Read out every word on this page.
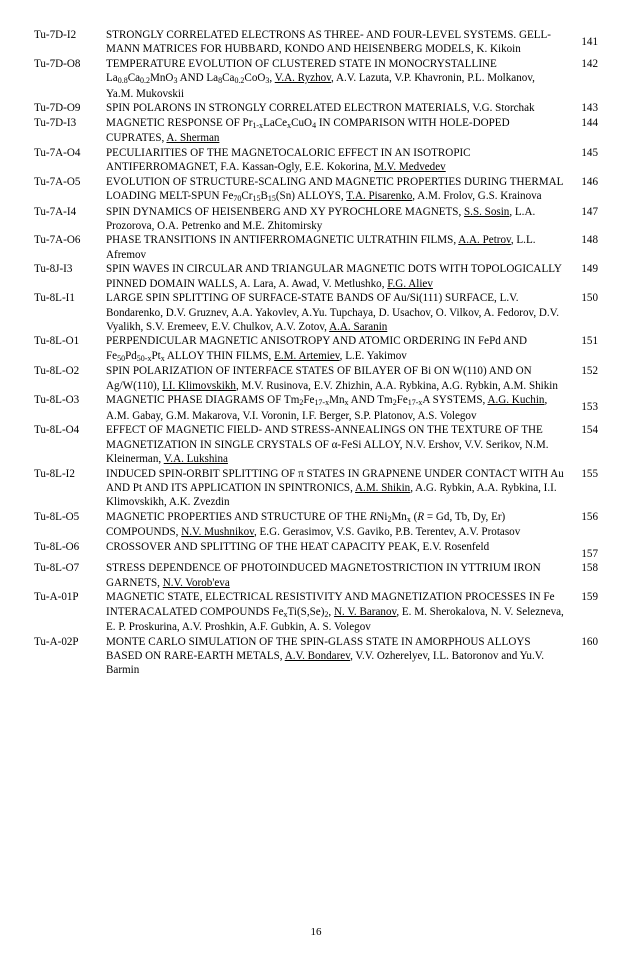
Tu-7D-I2	STRONGLY CORRELATED ELECTRONS AS THREE- AND FOUR-LEVEL SYSTEMS. GELL-MANN MATRICES FOR HUBBARD, KONDO AND HEISENBERG MODELS, K. Kikoin	141
Tu-7D-O8	TEMPERATURE EVOLUTION OF CLUSTERED STATE IN MONOCRYSTALLINE $La_{0.8}Ca_{0.2}MnO_3$ AND $La_8Ca_{0.2}CoO_3$, V.A. Ryzhov, A.V. Lazuta, V.P. Khavronin, P.L. Molkanov, Ya.M. Mukovskii	142
Tu-7D-O9	SPIN POLARONS IN STRONGLY CORRELATED ELECTRON MATERIALS, V.G. Storchak	143
Tu-7D-I3	MAGNETIC RESPONSE OF $Pr_{1-x}LaCe_xCuO_4$ IN COMPARISON WITH HOLE-DOPED CUPRATES, A. Sherman	144
Tu-7A-O4	PECULIARITIES OF THE MAGNETOCALORIC EFFECT IN AN ISOTROPIC ANTIFERROMAGNET, F.A. Kassan-Ogly, E.E. Kokorina, M.V. Medvedev	145
Tu-7A-O5	EVOLUTION OF STRUCTURE-SCALING AND MAGNETIC PROPERTIES DURING THERMAL LOADING MELT-SPUN $Fe_{70}Cr_{15}B_{15}(Sn)$ ALLOYS, T.A. Pisarenko, A.M. Frolov, G.S. Krainova	146
Tu-7A-I4	SPIN DYNAMICS OF HEISENBERG AND XY PYROCHLORE MAGNETS, S.S. Sosin, L.A. Prozorova, O.A. Petrenko and M.E. Zhitomirsky	147
Tu-7A-O6	PHASE TRANSITIONS IN ANTIFERROMAGNETIC ULTRATHIN FILMS, A.A. Petrov, L.L. Afremov	148
Tu-8J-I3	SPIN WAVES IN CIRCULAR AND TRIANGULAR MAGNETIC DOTS WITH TOPOLOGICALLY PINNED DOMAIN WALLS, A. Lara, A. Awad, V. Metlushko, F.G. Aliev	149
Tu-8L-I1	LARGE SPIN SPLITTING OF SURFACE-STATE BANDS OF Au/Si(111) SURFACE, L.V. Bondarenko, D.V. Gruznev, A.A. Yakovlev, A.Yu. Tupchaya, D. Usachov, O. Vilkov, A. Fedorov, D.V. Vyalikh, S.V. Eremeev, E.V. Chulkov, A.V. Zotov, A.A. Saranin	150
Tu-8L-O1	PERPENDICULAR MAGNETIC ANISOTROPY AND ATOMIC ORDERING IN FePd AND $Fe_{50}Pd_{50-x}Pt_x$ ALLOY THIN FILMS, E.M. Artemiev, L.E. Yakimov	151
Tu-8L-O2	SPIN POLARIZATION OF INTERFACE STATES OF BILAYER OF Bi ON W(110) AND ON Ag/W(110), I.I. Klimovskikh, M.V. Rusinova, E.V. Zhizhin, A.A. Rybkina, A.G. Rybkin, A.M. Shikin	152
Tu-8L-O3	MAGNETIC PHASE DIAGRAMS OF $Tm_2Fe_{17-x}Mn_x$ AND $Tm_2Fe_{17-x}A$ SYSTEMS, A.G. Kuchin, A.M. Gabay, G.M. Makarova, V.I. Voronin, I.F. Berger, S.P. Platonov, A.S. Volegov	153
Tu-8L-O4	EFFECT OF MAGNETIC FIELD- AND STRESS-ANNEALINGS ON THE TEXTURE OF THE MAGNETIZATION IN SINGLE CRYSTALS OF α-FeSi ALLOY, N.V. Ershov, V.V. Serikov, N.M. Kleinerman, V.A. Lukshina	154
Tu-8L-I2	INDUCED SPIN-ORBIT SPLITTING OF π STATES IN GRAPNENE UNDER CONTACT WITH Au AND Pt AND ITS APPLICATION IN SPINTRONICS, A.M. Shikin, A.G. Rybkin, A.A. Rybkina, I.I. Klimovskikh, A.K. Zvezdin	155
Tu-8L-O5	MAGNETIC PROPERTIES AND STRUCTURE OF THE $RNi_2Mn_x$ (R = Gd, Tb, Dy, Er) COMPOUNDS, N.V. Mushnikov, E.G. Gerasimov, V.S. Gaviko, P.B. Terentev, A.V. Protasov	156
Tu-8L-O6	CROSSOVER AND SPLITTING OF THE HEAT CAPACITY PEAK, E.V. Rosenfeld	157
Tu-8L-O7	STRESS DEPENDENCE OF PHOTOINDUCED MAGNETOSTRICTION IN YTTRIUM IRON GARNETS, N.V. Vorob'eva	158
Tu-A-01P	MAGNETIC STATE, ELECTRICAL RESISTIVITY AND MAGNETIZATION PROCESSES IN Fe INTERACALATED COMPOUNDS $Fe_xTi(S,Se)_2$, N. V. Baranov, E. M. Sherokalova, N. V. Selezneva, E. P. Proskurina, A.V. Proshkin, A.F. Gubkin, A. S. Volegov	159
Tu-A-02P	MONTE CARLO SIMULATION OF THE SPIN-GLASS STATE IN AMORPHOUS ALLOYS BASED ON RARE-EARTH METALS, A.V. Bondarev, V.V. Ozherelyev, I.L. Batoronov and Yu.V. Barmin	160
16
